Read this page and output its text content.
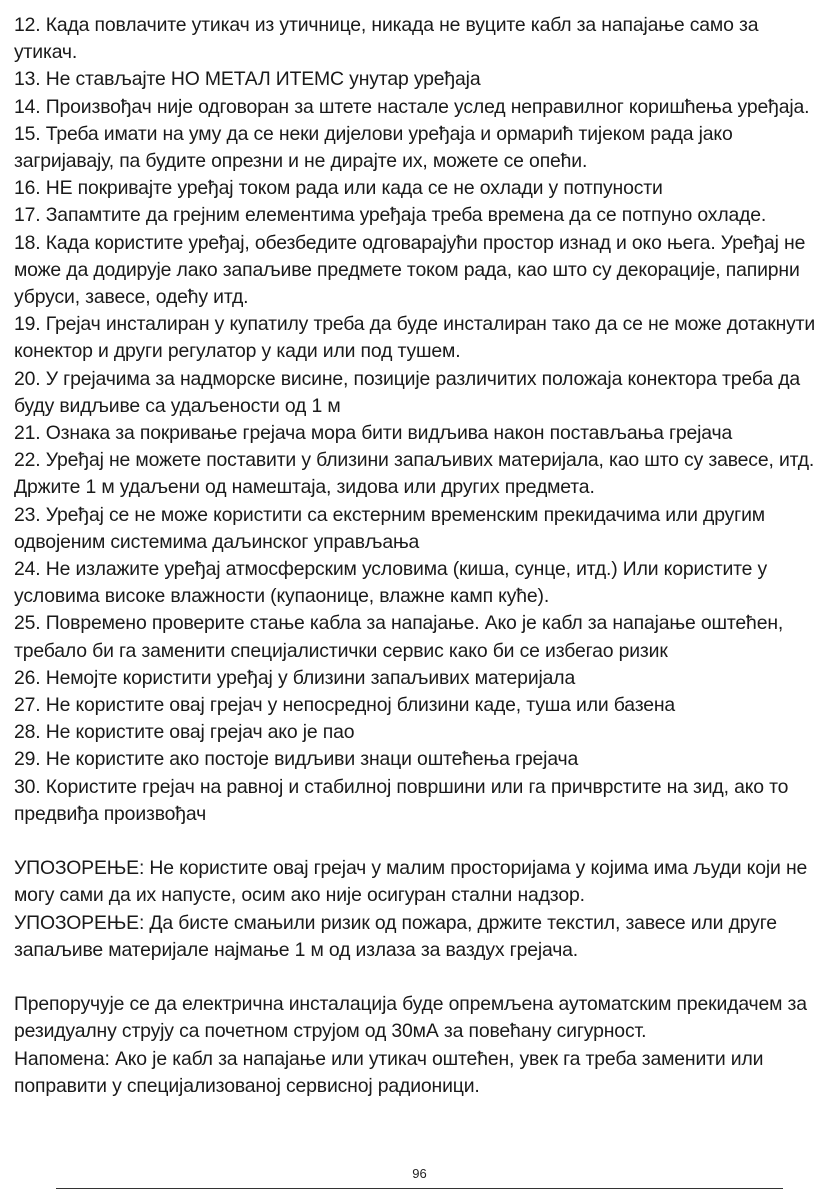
12. Када повлачите утикач из утичнице, никада не вуците кабл за напајање само за утикач.

13. Не стављајте НО МЕТАЛ ИТЕМС унутар уређаја

14. Произвођач није одговоран за штете настале услед неправилног коришћења уређаја.

15. Треба имати на уму да се неки дијелови уређаја и ормарић тијеком рада јако загријавају, па будите опрезни и не дирајте их, можете се опећи.

16. НЕ покривајте уређај током рада или када се не охлади у потпуности

17. Запамтите да грејним елементима уређаја треба времена да се потпуно охладе.

18. Када користите уређај, обезбедите одговарајући простор изнад и око њега. Уређај не може да додирује лако запаљиве предмете током рада, као што су декорације, папирни убруси, завесе, одећу итд.

19. Грејач инсталиран у купатилу треба да буде инсталиран тако да се не може дотакнути конектор и други регулатор у кади или под тушем.

20. У грејачима за надморске висине, позиције различитих положаја конектора треба да буду видљиве са удаљености од 1 м

21. Ознака за покривање грејача мора бити видљива након постављања грејача

22. Уређај не можете поставити у близини запаљивих материјала, као што су завесе, итд. Држите 1 м удаљени од намештаја, зидова или других предмета.

23. Уређај се не може користити са екстерним временским прекидачима или другим одвојеним системима даљинског управљања

24. Не излажите уређај атмосферским условима (киша, сунце, итд.) Или користите у условима високе влажности (купаонице, влажне камп куће).

25. Повремено проверите стање кабла за напајање. Ако је кабл за напајање оштећен, требало би га заменити специјалистички сервис како би се избегао ризик

26. Немојте користити уређај у близини запаљивих материјала

27. Не користите овај грејач у непосредној близини каде, туша или базена

28. Не користите овај грејач ако је пао

29. Не користите ако постоје видљиви знаци оштећења грејача

30. Користите грејач на равној и стабилној површини или га причврстите на зид, ако то предвиђа произвођач

УПОЗОРЕЊЕ: Не користите овај грејач у малим просторијама у којима има људи који не могу сами да их напусте, осим ако није осигуран стални надзор.

УПОЗОРЕЊЕ: Да бисте смањили ризик од пожара, држите текстил, завесе или друге запаљиве материјале најмање 1 м од излаза за ваздух грејача.

Препоручује се да електрична инсталација буде опремљена аутоматским прекидачем за резидуалну струју са почетном струјом од 30мА за повећану сигурност.

Напомена: Ако је кабл за напајање или утикач оштећен, увек га треба заменити или поправити у специјализованој сервисној радионици.

96
